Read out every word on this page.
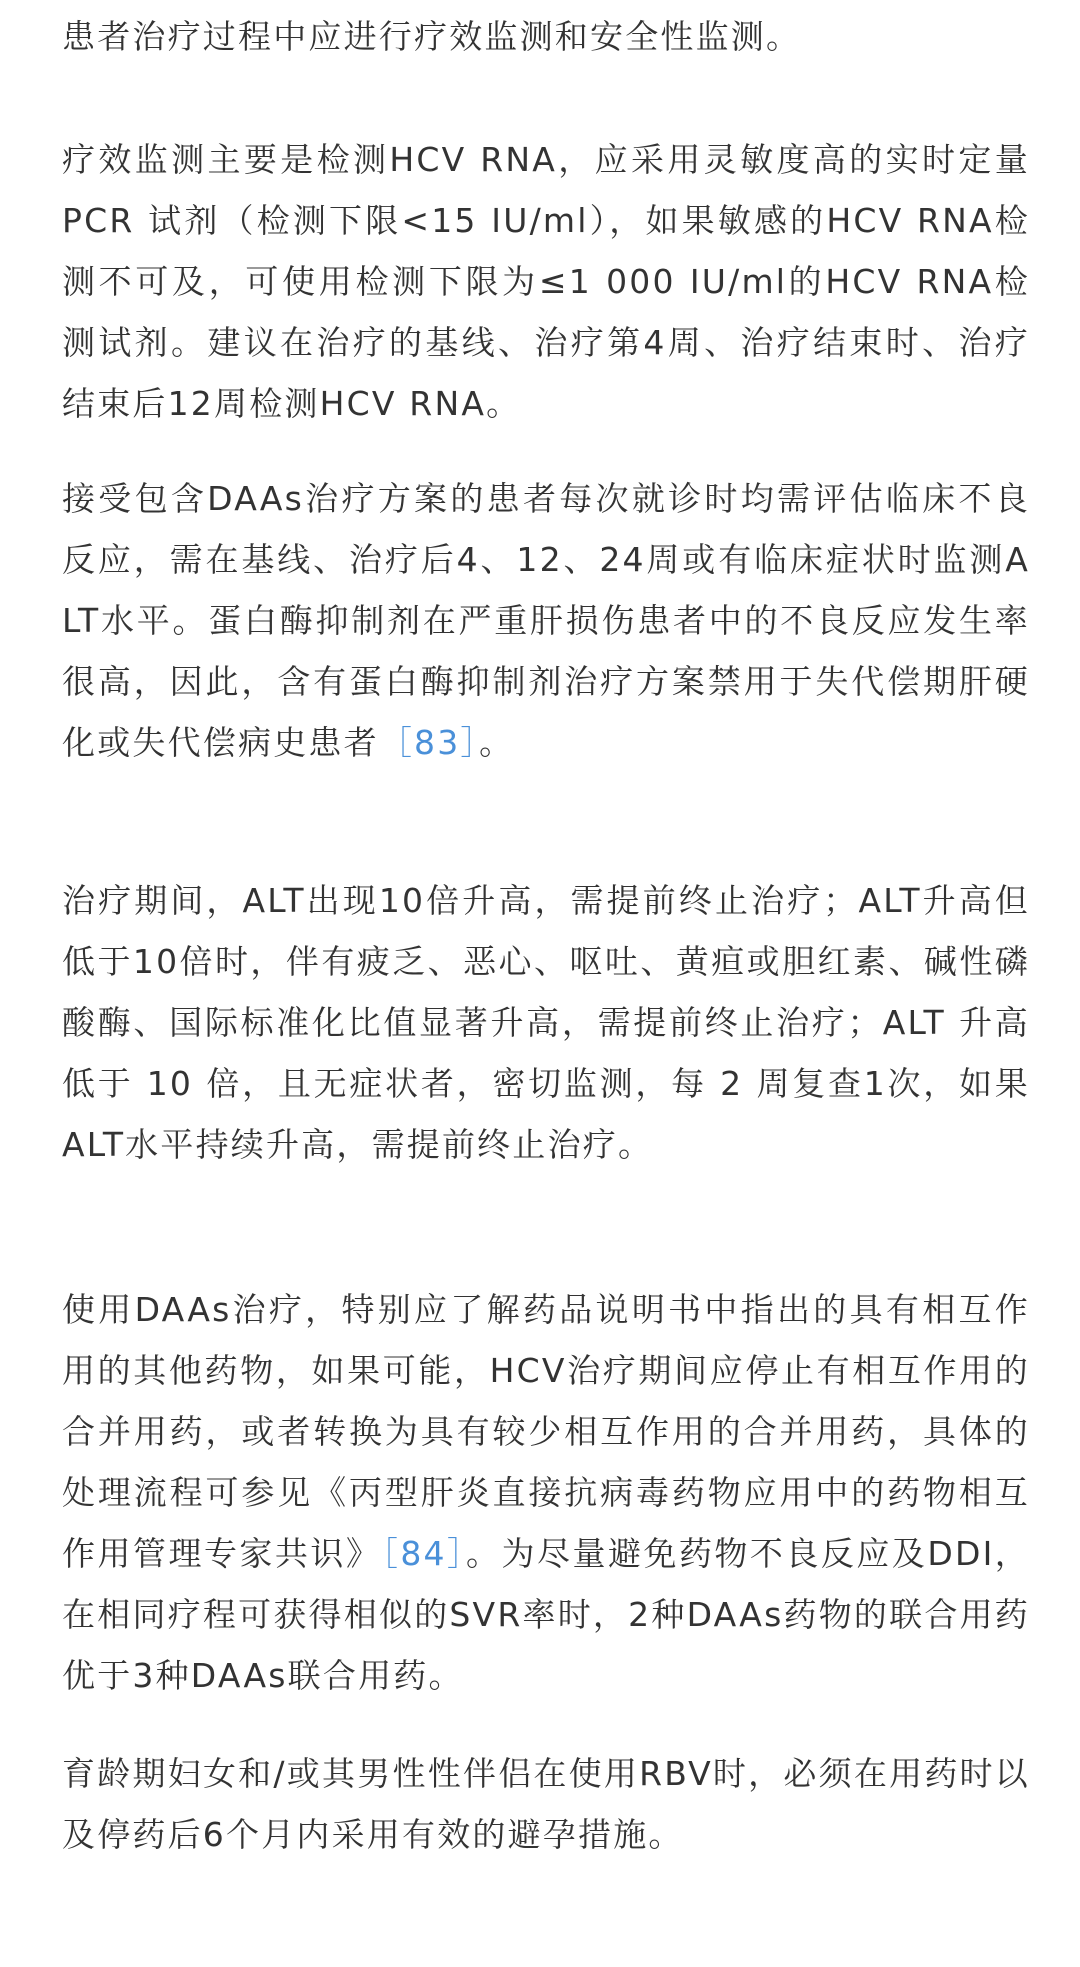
患者治疗过程中应进行疗效监测和安全性监测。

疗效监测主要是检测HCV RNA，应采用灵敏度高的实时定量 PCR 试剂（检测下限<15 IU/ml），如果敏感的HCV RNA检测不可及，可使用检测下限为≤1 000 IU/ml的HCV RNA检测试剂。建议在治疗的基线、治疗第4周、治疗结束时、治疗结束后12周检测HCV RNA。

接受包含DAAs治疗方案的患者每次就诊时均需评估临床不良反应，需在基线、治疗后4、12、24周或有临床症状时监测ALT水平。蛋白酶抑制剂在严重肝损伤患者中的不良反应发生率很高，因此，含有蛋白酶抑制剂治疗方案禁用于失代偿期肝硬化或失代偿病史患者［83］。

治疗期间，ALT出现10倍升高，需提前终止治疗；ALT升高但低于10倍时，伴有疲乏、恶心、呕吐、黄疸或胆红素、碱性磷酸酶、国际标准化比值显著升高，需提前终止治疗；ALT 升高低于 10 倍，且无症状者，密切监测，每 2 周复查1次，如果ALT水平持续升高，需提前终止治疗。

使用DAAs治疗，特别应了解药品说明书中指出的具有相互作用的其他药物，如果可能，HCV治疗期间应停止有相互作用的合并用药，或者转换为具有较少相互作用的合并用药，具体的处理流程可参见《丙型肝炎直接抗病毒药物应用中的药物相互作用管理专家共识》［84］。为尽量避免药物不良反应及DDI，在相同疗程可获得相似的SVR率时，2种DAAs药物的联合用药优于3种DAAs联合用药。

育龄期妇女和/或其男性性伴侣在使用RBV时，必须在用药时以及停药后6个月内采用有效的避孕措施。
